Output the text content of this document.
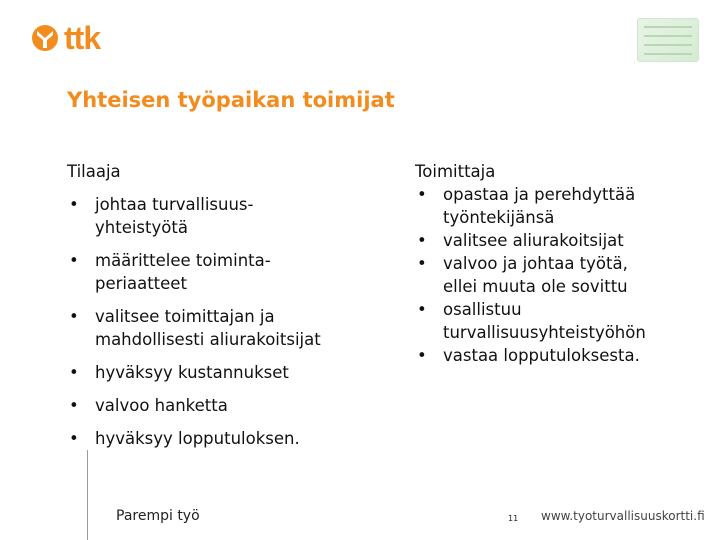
ttk
Yhteisen työpaikan toimijat
Tilaaja
• johtaa turvallisuus-
yhteistyötä
• määrittelee toiminta-
periaatteet
• valitsee toimittajan ja
mahdollisesti aliurakoitsijat
• hyväksyy kustannukset
• valvoo hanketta
• hyväksyy lopputuloksen.
Toimittaja
• opastaa ja perehdyttää
työntekijänsä
• valitsee aliurakoitsijat
• valvoo ja johtaa työtä,
ellei muuta ole sovittu
• osallistuu
turvallisuusyhteistyöhön
• vastaa lopputuloksesta.
Parempi työ	11 www.tyoturvallisuuskortti.fi
